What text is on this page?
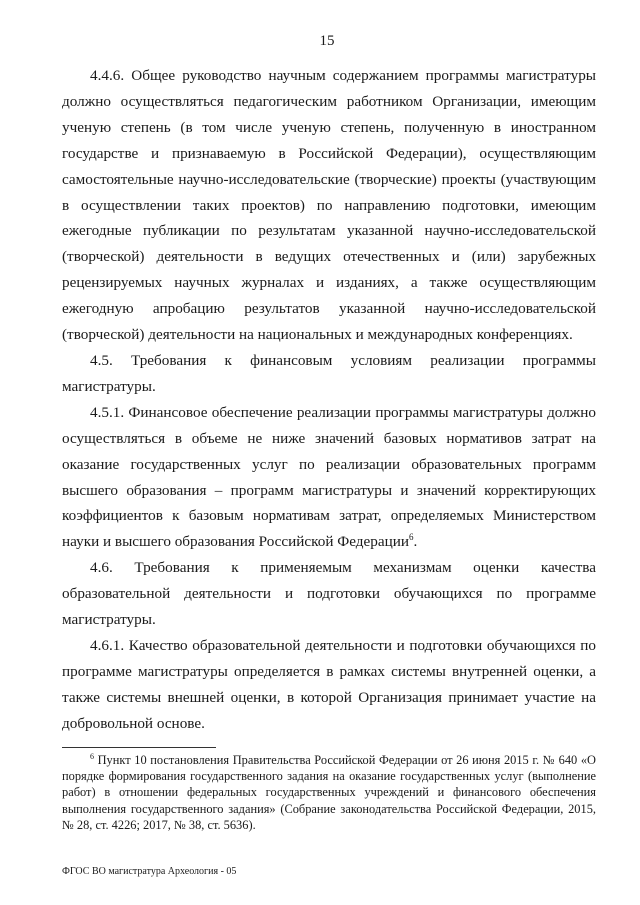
15

4.4.6. Общее руководство научным содержанием программы магистратуры должно осуществляться педагогическим работником Организации, имеющим ученую степень (в том числе ученую степень, полученную в иностранном государстве и признаваемую в Российской Федерации), осуществляющим самостоятельные научно-исследовательские (творческие) проекты (участвующим в осуществлении таких проектов) по направлению подготовки, имеющим ежегодные публикации по результатам указанной научно-исследовательской (творческой) деятельности в ведущих отечественных и (или) зарубежных рецензируемых научных журналах и изданиях, а также осуществляющим ежегодную апробацию результатов указанной научно-исследовательской (творческой) деятельности на национальных и международных конференциях.

4.5. Требования к финансовым условиям реализации программы магистратуры.

4.5.1. Финансовое обеспечение реализации программы магистратуры должно осуществляться в объеме не ниже значений базовых нормативов затрат на оказание государственных услуг по реализации образовательных программ высшего образования – программ магистратуры и значений корректирующих коэффициентов к базовым нормативам затрат, определяемых Министерством науки и высшего образования Российской Федерации$^6$.

4.6. Требования к применяемым механизмам оценки качества образовательной деятельности и подготовки обучающихся по программе магистратуры.

4.6.1. Качество образовательной деятельности и подготовки обучающихся по программе магистратуры определяется в рамках системы внутренней оценки, а также системы внешней оценки, в которой Организация принимает участие на добровольной основе.

$^6$ Пункт 10 постановления Правительства Российской Федерации от 26 июня 2015 г. № 640 «О порядке формирования государственного задания на оказание государственных услуг (выполнение работ) в отношении федеральных государственных учреждений и финансового обеспечения выполнения государственного задания» (Собрание законодательства Российской Федерации, 2015, № 28, ст. 4226; 2017, № 38, ст. 5636).

ФГОС ВО магистратура Археология - 05
